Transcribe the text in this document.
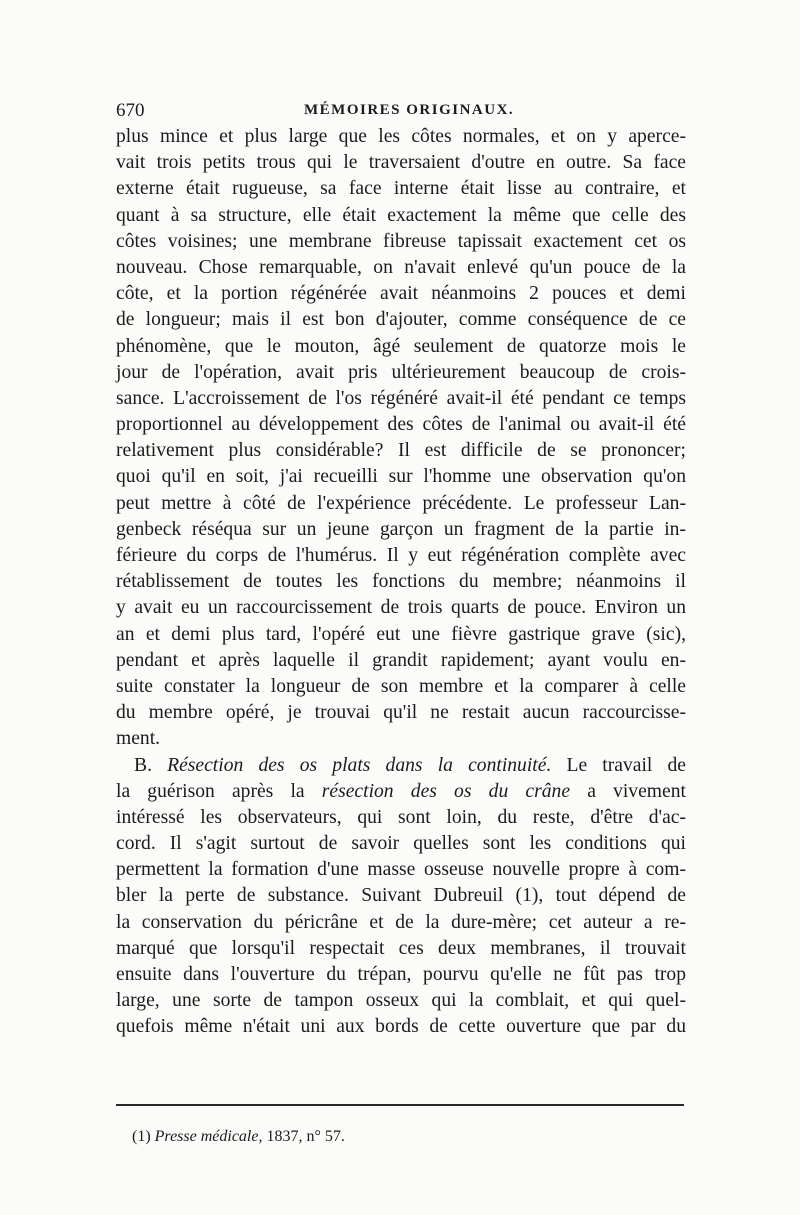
670	MÉMOIRES ORIGINAUX.
plus mince et plus large que les côtes normales, et on y aperce-
vait trois petits trous qui le traversaient d'outre en outre. Sa face
externe était rugueuse, sa face interne était lisse au contraire, et
quant à sa structure, elle était exactement la même que celle des
côtes voisines; une membrane fibreuse tapissait exactement cet os
nouveau. Chose remarquable, on n'avait enlevé qu'un pouce de la
côte, et la portion régénérée avait néanmoins 2 pouces et demi
de longueur; mais il est bon d'ajouter, comme conséquence de ce
phénomène, que le mouton, âgé seulement de quatorze mois le
jour de l'opération, avait pris ultérieurement beaucoup de crois-
sance. L'accroissement de l'os régénéré avait-il été pendant ce temps
proportionnel au développement des côtes de l'animal ou avait-il été
relativement plus considérable? Il est difficile de se prononcer;
quoi qu'il en soit, j'ai recueilli sur l'homme une observation qu'on
peut mettre à côté de l'expérience précédente. Le professeur Lan-
genbeck réséqua sur un jeune garçon un fragment de la partie in-
férieure du corps de l'humérus. Il y eut régénération complète avec
rétablissement de toutes les fonctions du membre; néanmoins il
y avait eu un raccourcissement de trois quarts de pouce. Environ un
an et demi plus tard, l'opéré eut une fièvre gastrique grave (sic),
pendant et après laquelle il grandit rapidement; ayant voulu en-
suite constater la longueur de son membre et la comparer à celle
du membre opéré, je trouvai qu'il ne restait aucun raccourcisse-
ment.
B. Résection des os plats dans la continuité. Le travail de
la guérison après la résection des os du crâne a vivement
intéressé les observateurs, qui sont loin, du reste, d'être d'ac-
cord. Il s'agit surtout de savoir quelles sont les conditions qui
permettent la formation d'une masse osseuse nouvelle propre à com-
bler la perte de substance. Suivant Dubreuil (1), tout dépend de
la conservation du péricrâne et de la dure-mère; cet auteur a re-
marqué que lorsqu'il respectait ces deux membranes, il trouvait
ensuite dans l'ouverture du trépan, pourvu qu'elle ne fût pas trop
large, une sorte de tampon osseux qui la comblait, et qui quel-
quefois même n'était uni aux bords de cette ouverture que par du
(1) Presse médicale, 1837, n° 57.
